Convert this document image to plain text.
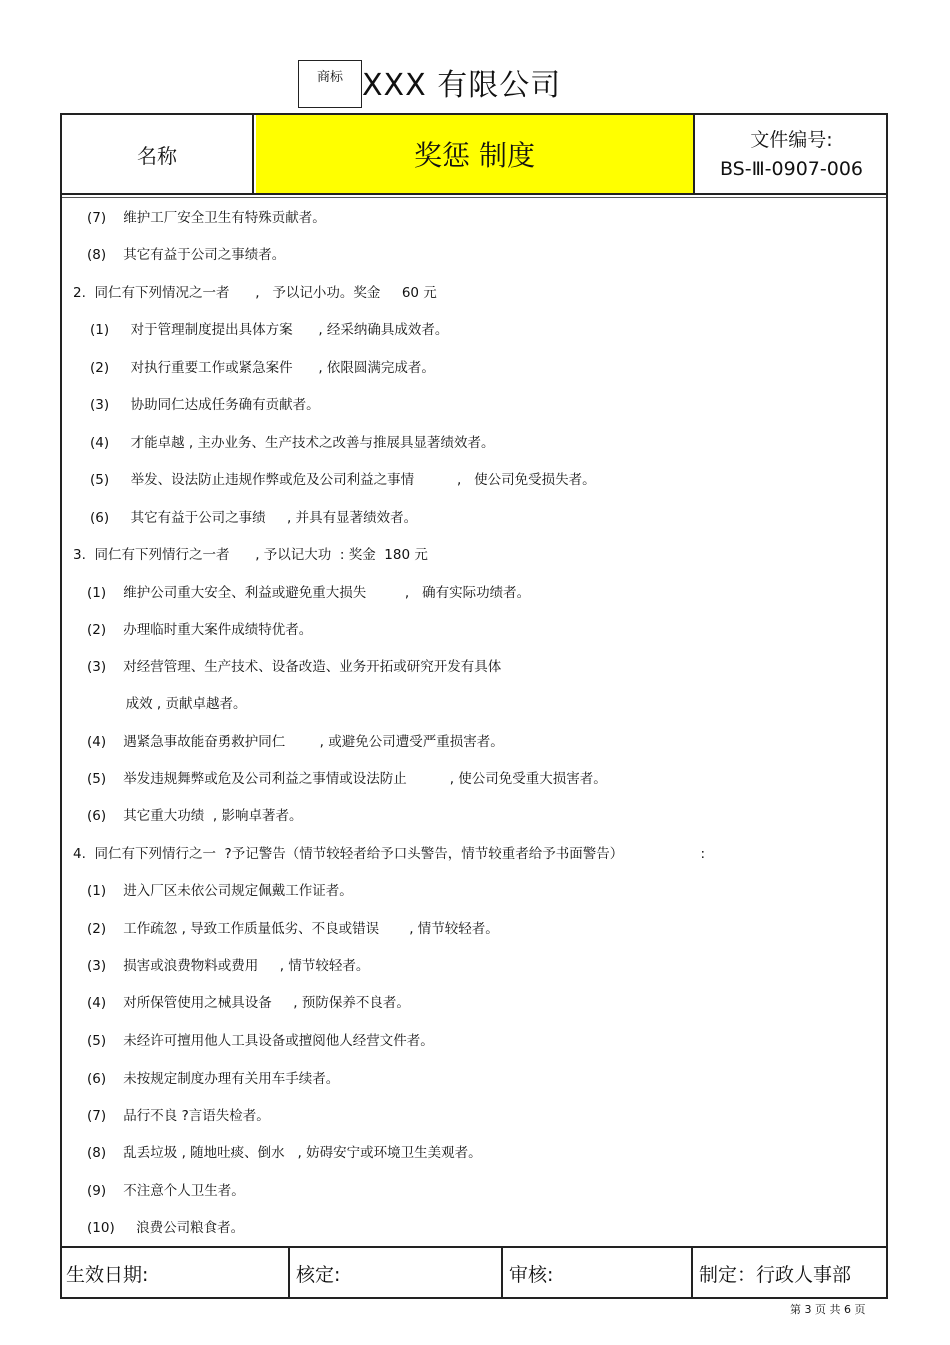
商标 XXX 有限公司
名称	奖惩 制度	文件编号:
BS-Ⅲ-0907-006
(7)    维护工厂安全卫生有特殊贡献者。
(8)    其它有益于公司之事绩者。
2.  同仁有下列情况之一者      ,   予以记小功。奖金     60 元
(1)     对于管理制度提出具体方案      , 经采纳确具成效者。
(2)     对执行重要工作或紧急案件      , 依限圆满完成者。
(3)     协助同仁达成任务确有贡献者。
(4)     才能卓越 , 主办业务、生产技术之改善与推展具显著绩效者。
(5)     举发、设法防止违规作弊或危及公司利益之事情          ,   使公司免受损失者。
(6)     其它有益于公司之事绩     , 并具有显著绩效者。
3.  同仁有下列情行之一者      , 予以记大功  : 奖金  180 元
(1)    维护公司重大安全、利益或避免重大损失         ,   确有实际功绩者。
(2)    办理临时重大案件成绩特优者。
(3)    对经营管理、生产技术、设备改造、业务开拓或研究开发有具体
成效 , 贡献卓越者。
(4)    遇紧急事故能奋勇救护同仁        , 或避免公司遭受严重损害者。
(5)    举发违规舞弊或危及公司利益之事情或设法防止          , 使公司免受重大损害者。
(6)    其它重大功绩  , 影响卓著者。
4.  同仁有下列情行之一  ?予记警告（情节较轻者给予口头警告，情节较重者给予书面警告）                  :
(1)    进入厂区未依公司规定佩戴工作证者。
(2)    工作疏忽 , 导致工作质量低劣、不良或错误       , 情节较轻者。
(3)    损害或浪费物料或费用     , 情节较轻者。
(4)    对所保管使用之械具设备     , 预防保养不良者。
(5)    未经许可擅用他人工具设备或擅阅他人经营文件者。
(6)    未按规定制度办理有关用车手续者。
(7)    品行不良 ?言语失检者。
(8)    乱丢垃圾 , 随地吐痰、倒水   , 妨碍安宁或环境卫生美观者。
(9)    不注意个人卫生者。
(10)     浪费公司粮食者。
生效日期:	核定:	审核:	制定：行政人事部
第 3 页 共 6 页
